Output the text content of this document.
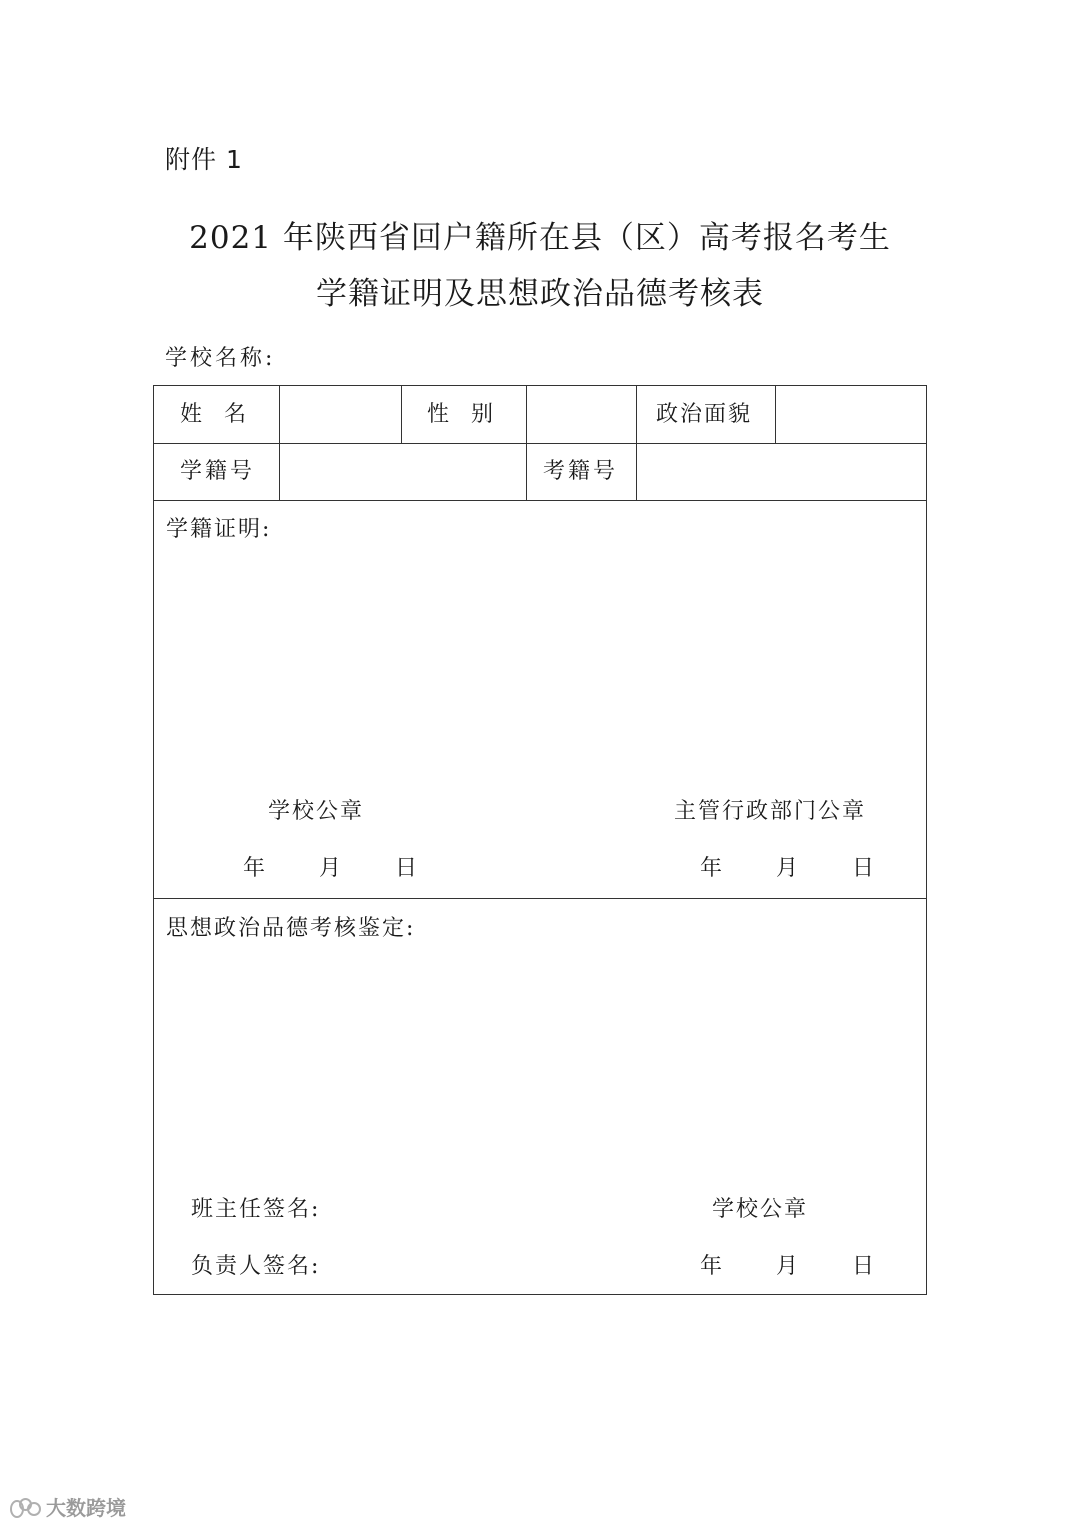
附件 1
2021 年陕西省回户籍所在县（区）高考报名考生
学籍证明及思想政治品德考核表
学校名称:
姓　名	性　别	政治面貌
学籍号	考籍号
学籍证明:
学校公章	主管行政部门公章
年 月 日	年 月 日
思想政治品德考核鉴定:
班主任签名:	学校公章
负责人签名:	年 月 日
大数跨境
